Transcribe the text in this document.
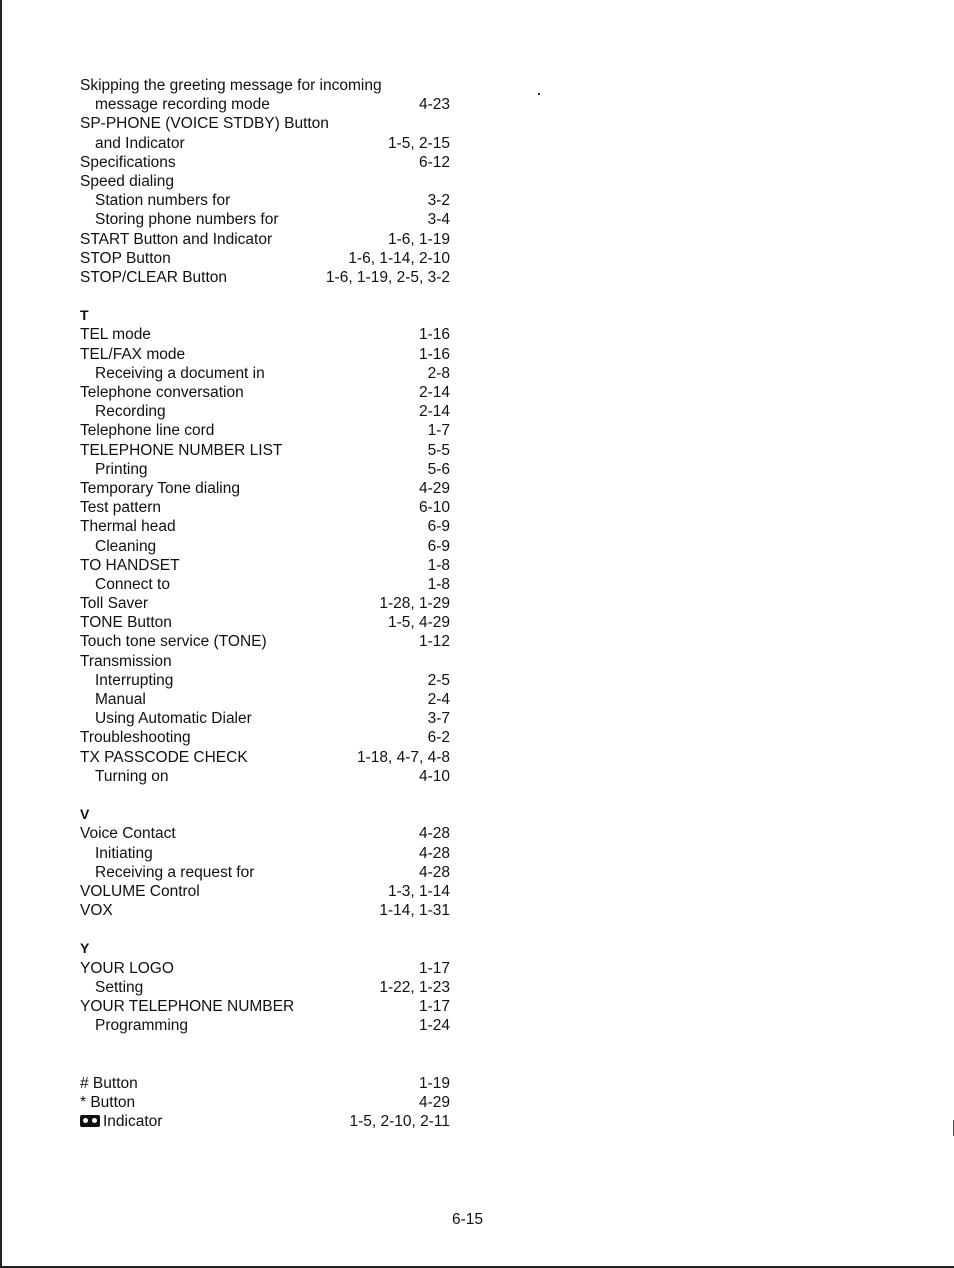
Skipping the greeting message for incoming
message recording mode	4-23
SP-PHONE (VOICE STDBY) Button
and Indicator	1-5, 2-15
Specifications	6-12
Speed dialing
Station numbers for	3-2
Storing phone numbers for	3-4
START Button and Indicator	1-6, 1-19
STOP Button	1-6, 1-14, 2-10
STOP/CLEAR Button	1-6, 1-19, 2-5, 3-2
T
TEL mode	1-16
TEL/FAX mode	1-16
Receiving a document in	2-8
Telephone conversation	2-14
Recording	2-14
Telephone line cord	1-7
TELEPHONE NUMBER LIST	5-5
Printing	5-6
Temporary Tone dialing	4-29
Test pattern	6-10
Thermal head	6-9
Cleaning	6-9
TO HANDSET	1-8
Connect to	1-8
Toll Saver	1-28, 1-29
TONE Button	1-5, 4-29
Touch tone service (TONE)	1-12
Transmission
Interrupting	2-5
Manual	2-4
Using Automatic Dialer	3-7
Troubleshooting	6-2
TX PASSCODE CHECK	1-18, 4-7, 4-8
Turning on	4-10
V
Voice Contact	4-28
Initiating	4-28
Receiving a request for	4-28
VOLUME Control	1-3, 1-14
VOX	1-14, 1-31
Y
YOUR LOGO	1-17
Setting	1-22, 1-23
YOUR TELEPHONE NUMBER	1-17
Programming	1-24
# Button	1-19
* Button	4-29
Indicator	1-5, 2-10, 2-11
6-15
